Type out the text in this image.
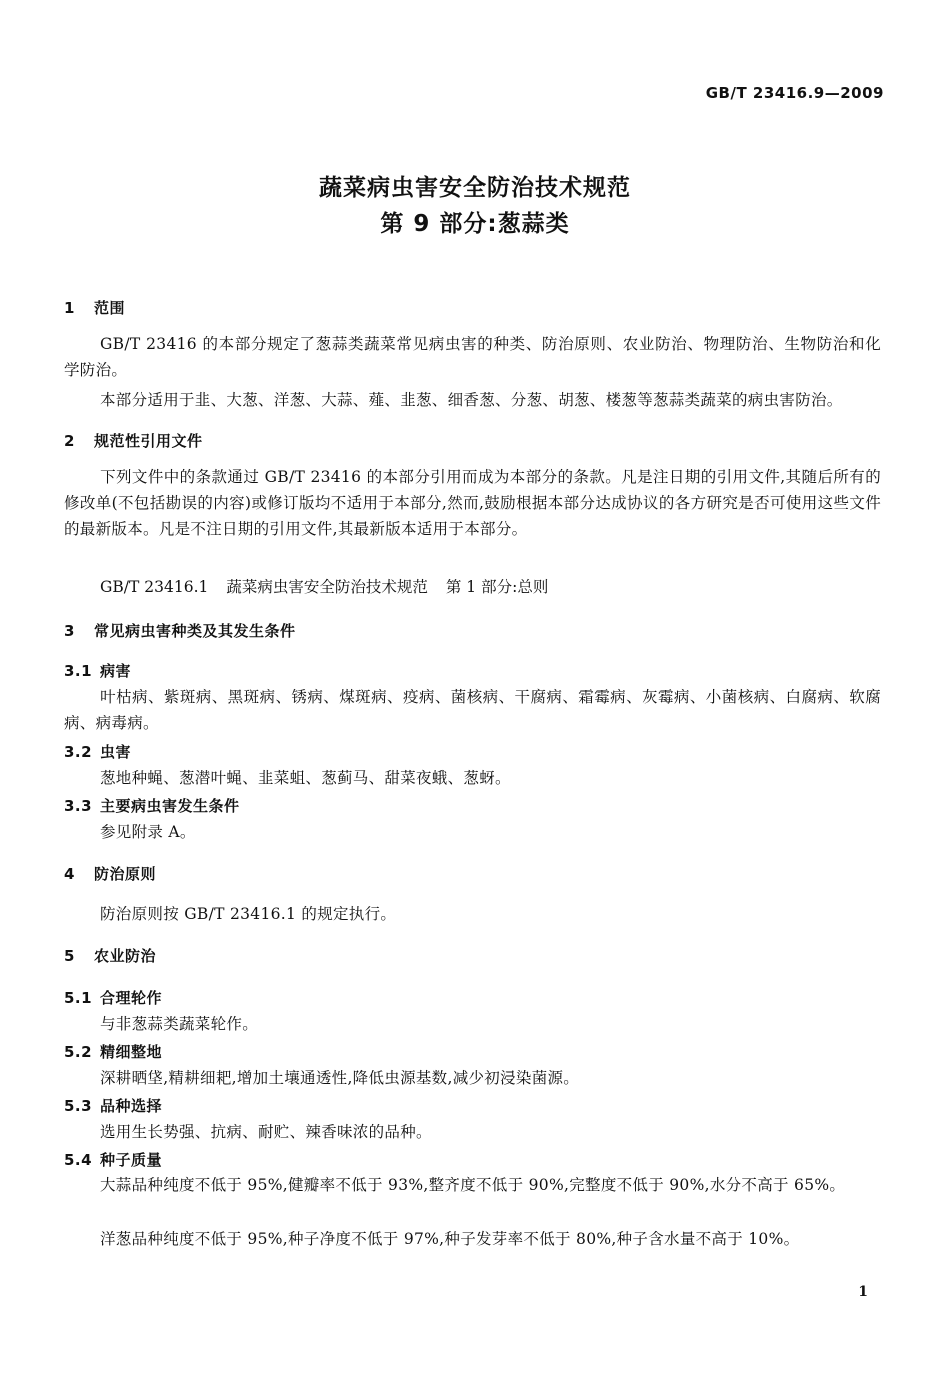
GB/T 23416.9—2009
蔬菜病虫害安全防治技术规范
第 9 部分:葱蒜类
1 范围
GB/T 23416 的本部分规定了葱蒜类蔬菜常见病虫害的种类、防治原则、农业防治、物理防治、生物防治和化学防治。
本部分适用于韭、大葱、洋葱、大蒜、薤、韭葱、细香葱、分葱、胡葱、楼葱等葱蒜类蔬菜的病虫害防治。
2 规范性引用文件
下列文件中的条款通过 GB/T 23416 的本部分引用而成为本部分的条款。凡是注日期的引用文件,其随后所有的修改单(不包括勘误的内容)或修订版均不适用于本部分,然而,鼓励根据本部分达成协议的各方研究是否可使用这些文件的最新版本。凡是不注日期的引用文件,其最新版本适用于本部分。
GB/T 23416.1 蔬菜病虫害安全防治技术规范 第 1 部分:总则
3 常见病虫害种类及其发生条件
3.1 病害
叶枯病、紫斑病、黑斑病、锈病、煤斑病、疫病、菌核病、干腐病、霜霉病、灰霉病、小菌核病、白腐病、软腐病、病毒病。
3.2 虫害
葱地种蝇、葱潜叶蝇、韭菜蛆、葱蓟马、甜菜夜蛾、葱蚜。
3.3 主要病虫害发生条件
参见附录 A。
4 防治原则
防治原则按 GB/T 23416.1 的规定执行。
5 农业防治
5.1 合理轮作
与非葱蒜类蔬菜轮作。
5.2 精细整地
深耕晒垡,精耕细耙,增加土壤通透性,降低虫源基数,减少初浸染菌源。
5.3 品种选择
选用生长势强、抗病、耐贮、辣香味浓的品种。
5.4 种子质量
大蒜品种纯度不低于 95%,健瓣率不低于 93%,整齐度不低于 90%,完整度不低于 90%,水分不高于 65%。
洋葱品种纯度不低于 95%,种子净度不低于 97%,种子发芽率不低于 80%,种子含水量不高于 10%。
1
